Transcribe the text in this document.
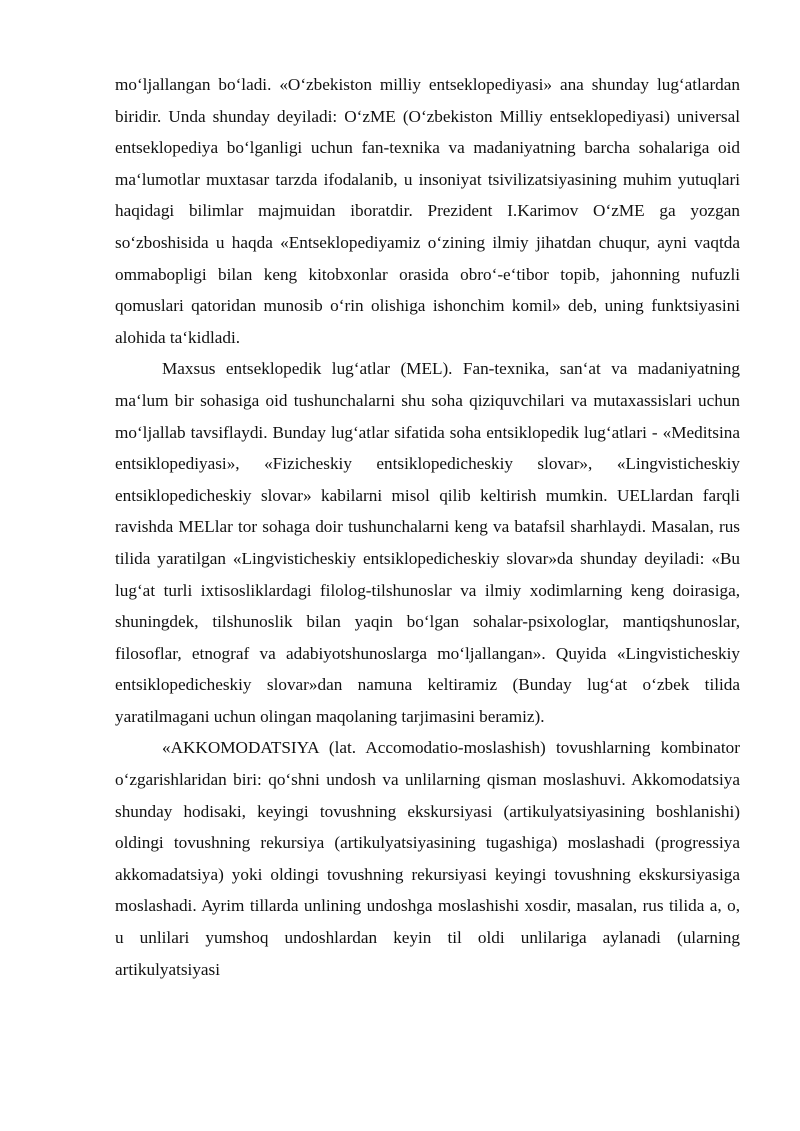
moʻljallangan boʻladi. «Oʻzbekiston milliy entseklopediyasi» ana shunday lugʻatlardan biridir. Unda shunday deyiladi: OʻzME (Oʻzbekiston Milliy entseklopediyasi) universal entseklopediya boʻlganligi uchun fan-texnika va madaniyatning barcha sohalariga oid maʻlumotlar muxtasar tarzda ifodalanib, u insoniyat tsivilizatsiyasining muhim yutuqlari haqidagi bilimlar majmuidan iboratdir. Prezident I.Karimov OʻzME ga yozgan soʻzboshisida u haqda «Entseklopediyamiz oʻzining ilmiy jihatdan chuqur, ayni vaqtda ommabopligi bilan keng kitobxonlar orasida obroʻ-eʻtibor topib, jahonning nufuzli qomuslari qatoridan munosib oʻrin olishiga ishonchim komil» deb, uning funktsiyasini alohida taʻkidladi.

Maxsus entseklopedik lugʻatlar (MEL). Fan-texnika, sanʻat va madaniyatning maʻlum bir sohasiga oid tushunchalarni shu soha qiziquvchilari va mutaxassislari uchun moʻljallab tavsiflaydi. Bunday lugʻatlar sifatida soha entsiklopedik lugʻatlari - «Meditsina entsiklopediyasi», «Fizicheskiy entsiklopedicheskiy slovar», «Lingvisticheskiy entsiklopedicheskiy slovar» kabilarni misol qilib keltirish mumkin. UELlardan farqli ravishda MELlar tor sohaga doir tushunchalarni keng va batafsil sharhlaydi. Masalan, rus tilida yaratilgan «Lingvisticheskiy entsiklopedicheskiy slovar»da shunday deyiladi: «Bu lugʻat turli ixtisosliklardagi filolog-tilshunoslar va ilmiy xodimlarning keng doirasiga, shuningdek, tilshunoslik bilan yaqin boʻlgan sohalar-psixologlar, mantiqshunoslar, filosoflar, etnograf va adabiyotshunoslarga moʻljallangan». Quyida «Lingvisticheskiy entsiklopedicheskiy slovar»dan namuna keltiramiz (Bunday lugʻat oʻzbek tilida yaratilmagani uchun olingan maqolaning tarjimasini beramiz).

«AKKOMODATSIYA (lat. Accomodatio-moslashish) tovushlarning kombinator oʻzgarishlaridan biri: qoʻshni undosh va unlilarning qisman moslashuvi. Akkomodatsiya shunday hodisaki, keyingi tovushning ekskursiyasi (artikulyatsiyasining boshlanishi) oldingi tovushning rekursiya (artikulyatsiyasining tugashiga) moslashadi (progressiya akkomadatsiya) yoki oldingi tovushning rekursiyasi keyingi tovushning ekskursiyasiga moslashadi. Ayrim tillarda unlining undoshga moslashishi xosdir, masalan, rus tilida a, o, u unlilari yumshoq undoshlardan keyin til oldi unlilariga aylanadi (ularning artikulyatsiyasi
